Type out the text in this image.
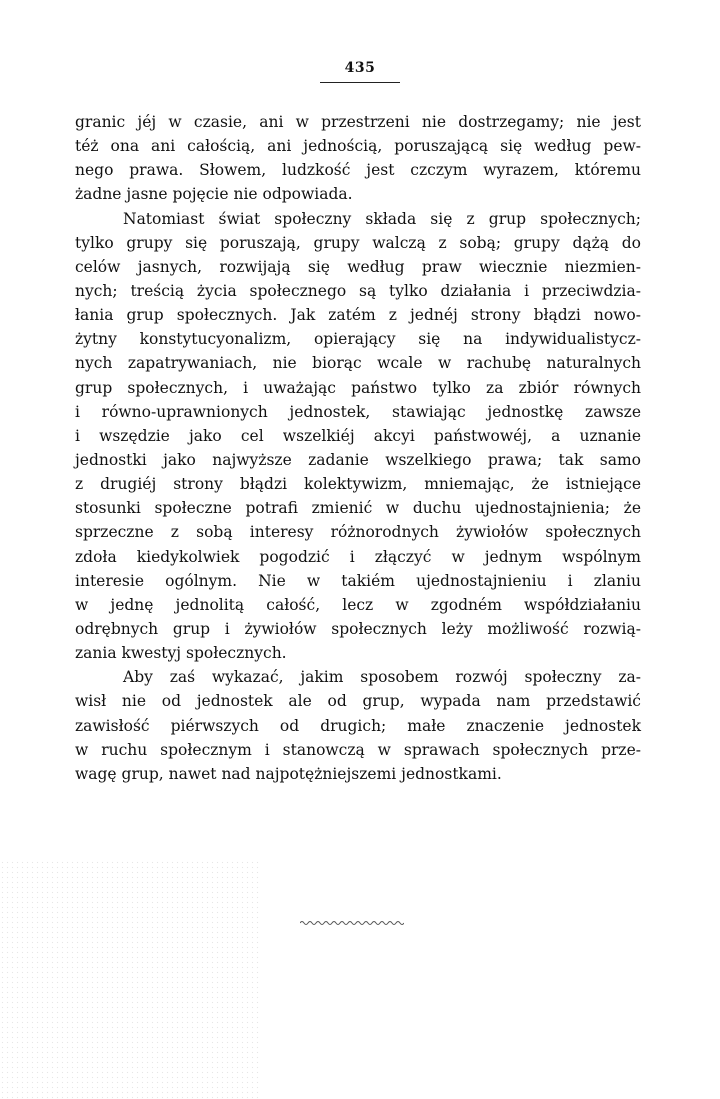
435
granic jéj w czasie, ani w przestrzeni nie dostrzegamy; nie jest
téż ona ani całością, ani jednością, poruszającą się według pew-
nego prawa. Słowem, ludzkość jest czczym wyrazem, któremu
żadne jasne pojęcie nie odpowiada.
Natomiast świat społeczny składa się z grup społecznych;
tylko grupy się poruszają, grupy walczą z sobą; grupy dążą do
celów jasnych, rozwijają się według praw wiecznie niezmien-
nych; treścią życia społecznego są tylko działania i przeciwdzia-
łania grup społecznych. Jak zatém z jednéj strony błądzi nowo-
żytny konstytucyonalizm, opierający się na indywidualistycz-
nych zapatrywaniach, nie biorąc wcale w rachubę naturalnych
grup społecznych, i uważając państwo tylko za zbiór równych
i równo-uprawnionych jednostek, stawiając jednostkę zawsze
i wszędzie jako cel wszelkiéj akcyi państwowéj, a uznanie
jednostki jako najwyższe zadanie wszelkiego prawa; tak samo
z drugiéj strony błądzi kolektywizm, mniemając, że istniejące
stosunki społeczne potrafi zmienić w duchu ujednostajnienia; że
sprzeczne z sobą interesy różnorodnych żywiołów społecznych
zdoła kiedykolwiek pogodzić i złączyć w jednym wspólnym
interesie ogólnym. Nie w takiém ujednostajnieniu i zlaniu
w jednę jednolitą całość, lecz w zgodném współdziałaniu
odrębnych grup i żywiołów społecznych leży możliwość rozwią-
zania kwestyj społecznych.
Aby zaś wykazać, jakim sposobem rozwój społeczny za-
wisł nie od jednostek ale od grup, wypada nam przedstawić
zawisłość piérwszych od drugich; małe znaczenie jednostek
w ruchu społecznym i stanowczą w sprawach społecznych prze-
wagę grup, nawet nad najpotężniejszemi jednostkami.
